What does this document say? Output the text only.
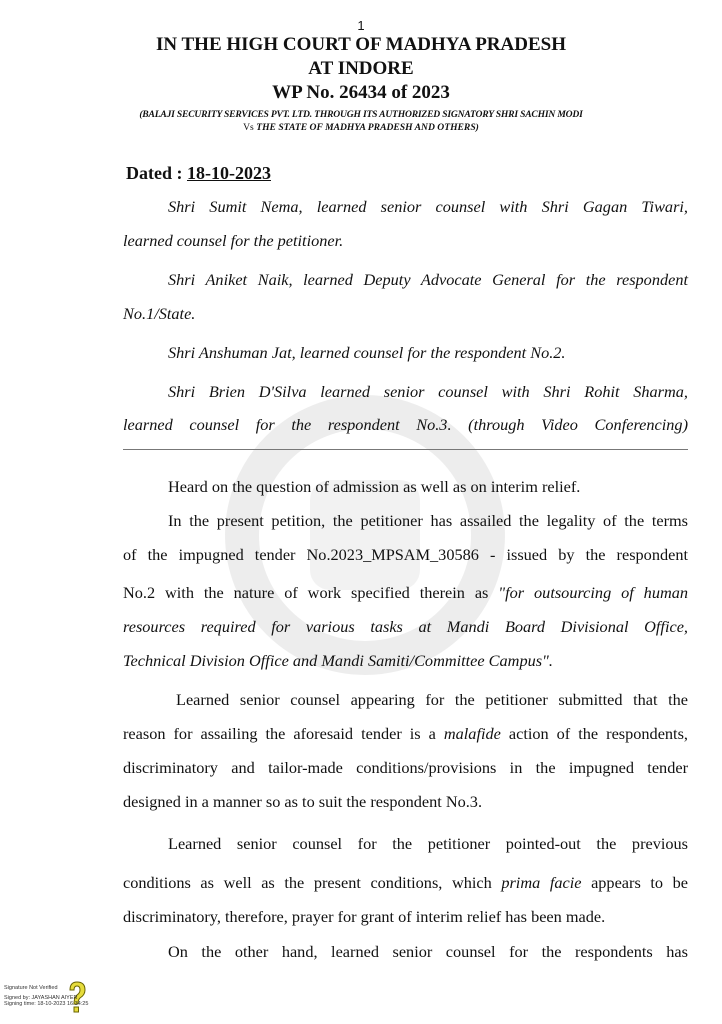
1
IN THE HIGH COURT OF MADHYA PRADESH
AT INDORE
WP No. 26434 of 2023
(BALAJI SECURITY SERVICES PVT. LTD. THROUGH ITS AUTHORIZED SIGNATORY SHRI SACHIN MODI
Vs THE STATE OF MADHYA PRADESH AND OTHERS)
Dated : 18-10-2023
Shri Sumit Nema, learned senior counsel with Shri Gagan Tiwari,
learned counsel for the petitioner.
Shri Aniket Naik, learned Deputy Advocate General for the respondent
No.1/State.
Shri Anshuman Jat, learned counsel for the respondent No.2.
Shri Brien D'Silva learned senior counsel with Shri Rohit Sharma,
learned counsel for the respondent No.3. (through Video Conferencing)
Heard on the question of admission as well as on interim relief.
In the present petition, the petitioner has assailed the legality of the terms
of the impugned tender No.2023_MPSAM_30586 - issued by the respondent
No.2 with the nature of work specified therein as "for outsourcing of human
resources required for various tasks at Mandi Board Divisional Office,
Technical Division Office and Mandi Samiti/Committee Campus".
Learned senior counsel appearing for the petitioner submitted that the
reason for assailing the aforesaid tender is a malafide action of the respondents,
discriminatory and tailor-made conditions/provisions in the impugned tender
designed in a manner so as to suit the respondent No.3.
Learned senior counsel for the petitioner pointed-out the previous
conditions as well as the present conditions, which prima facie appears to be
discriminatory, therefore, prayer for grant of interim relief has been made.
On the other hand, learned senior counsel for the respondents has
Signature Not Verified
Signed by: JAYASHAN AIYER
Signing time: 18-10-2023 16:34:25
